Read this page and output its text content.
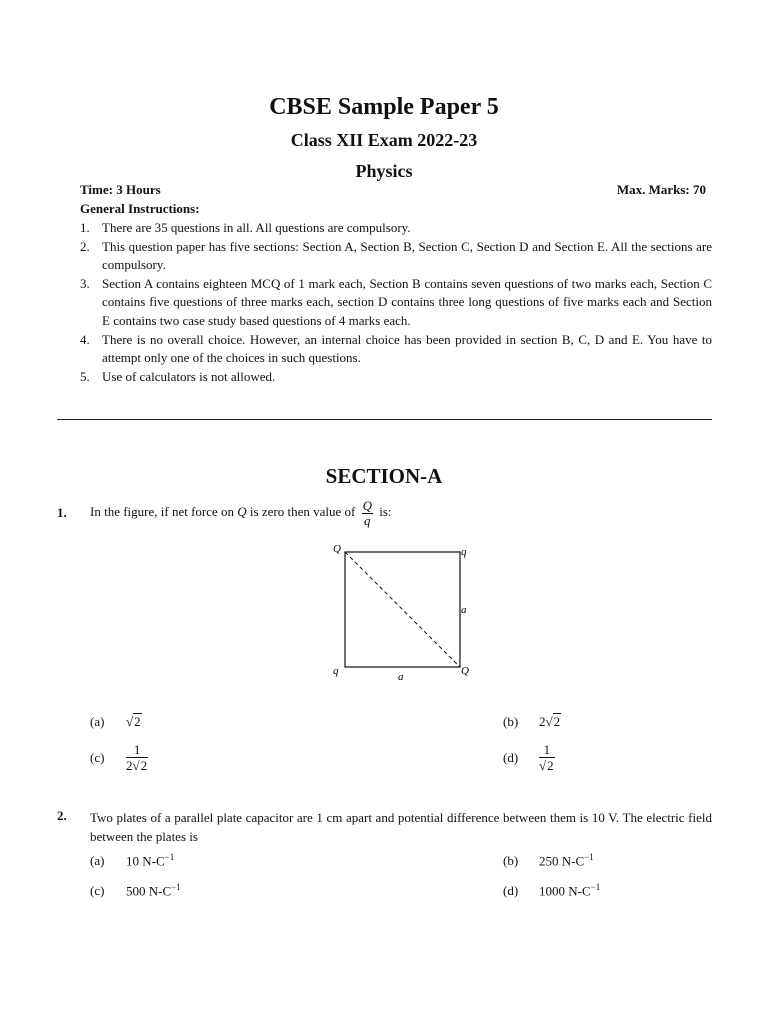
CBSE Sample Paper 5
Class XII Exam 2022-23
Physics
Time: 3 Hours	Max. Marks: 70
General Instructions:
1. There are 35 questions in all. All questions are compulsory.
2. This question paper has five sections: Section A, Section B, Section C, Section D and Section E. All the sections are compulsory.
3. Section A contains eighteen MCQ of 1 mark each, Section B contains seven questions of two marks each, Section C contains five questions of three marks each, section D contains three long questions of five marks each and Section E contains two case study based questions of 4 marks each.
4. There is no overall choice. However, an internal choice has been provided in section B, C, D and E. You have to attempt only one of the choices in such questions.
5. Use of calculators is not allowed.
SECTION-A
1. In the figure, if net force on Q is zero then value of $\frac{Q}{q}$ is:
Q	q
q	Q
a
a
(a) √2	(b) 2√2
$(c) \frac{1}{2√2}$	$(d) \frac{1}{√2}$
2. Two plates of a parallel plate capacitor are 1 cm apart and potential difference between them is 10 V. The electric field between the plates is
(a) 10 $N-C^{-1}$	(b) 250 $N-C^{-1}$
(c) 500 $N-C^{-1}$	(d) 1000 $N-C^{-1}$
